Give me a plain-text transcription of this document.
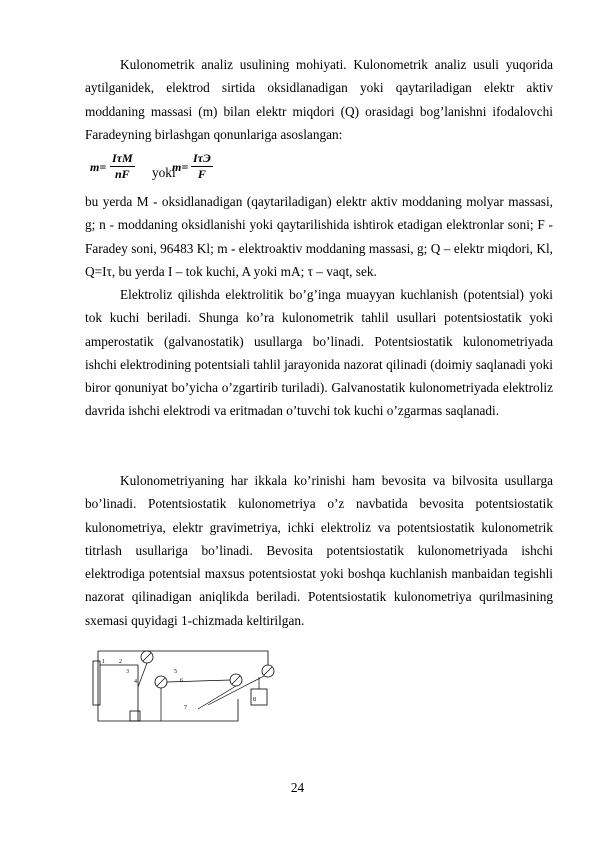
Kulonometrik analiz usulining mohiyati. Kulonometrik analiz usuli yuqorida aytilganidek, elektrod sirtida oksidlanadigan yoki qaytariladigan elektr aktiv moddaning massasi (m) bilan elektr miqdori (Q) orasidagi bog’lanishni ifodalovchi Faradeyning birlashgan qonunlariga asoslangan:

m=
IτM
nF	yoki
m=
IτЭ
F

bu yerda M - oksidlanadigan (qaytariladigan) elektr aktiv moddaning molyar massasi, g; n - moddaning oksidlanishi yoki qaytarilishida ishtirok etadigan elektronlar soni; F - Faradey soni, 96483 Kl; m - elektroaktiv moddaning massasi, g; Q – elektr miqdori, Kl, Q=Iτ, bu yerda I – tok kuchi, A yoki mA; τ – vaqt, sek.

Elektroliz qilishda elektrolitik bo’g’inga muayyan kuchlanish (potentsial) yoki tok kuchi beriladi. Shunga ko’ra kulonometrik tahlil usullari potentsiostatik yoki amperostatik (galvanostatik) usullarga bo’linadi. Potentsiostatik kulonometriyada ishchi elektrodining potentsiali tahlil jarayonida nazorat qilinadi (doimiy saqlanadi yoki biror qonuniyat bo’yicha o’zgartirib turiladi). Galvanostatik kulonometriyada elektroliz davrida ishchi elektrodi va eritmadan o’tuvchi tok kuchi o’zgarmas saqlanadi.

Kulonometriyaning har ikkala ko’rinishi ham bevosita va bilvosita usullarga bo’linadi. Potentsiostatik kulonometriya o’z navbatida bevosita potentsiostatik kulonometriya, elektr gravimetriya, ichki elektroliz va potentsiostatik kulonometrik titrlash usullariga bo’linadi. Bevosita potentsiostatik kulonometriyada ishchi elektrodiga potentsial maxsus potentsiostat yoki boshqa kuchlanish manbaidan tegishli nazorat qilinadigan aniqlikda beriladi. Potentsiostatik kulonometriya qurilmasining sxemasi quyidagi 1-chizmada keltirilgan.

1 2
3
4
5
6
7
8
24
